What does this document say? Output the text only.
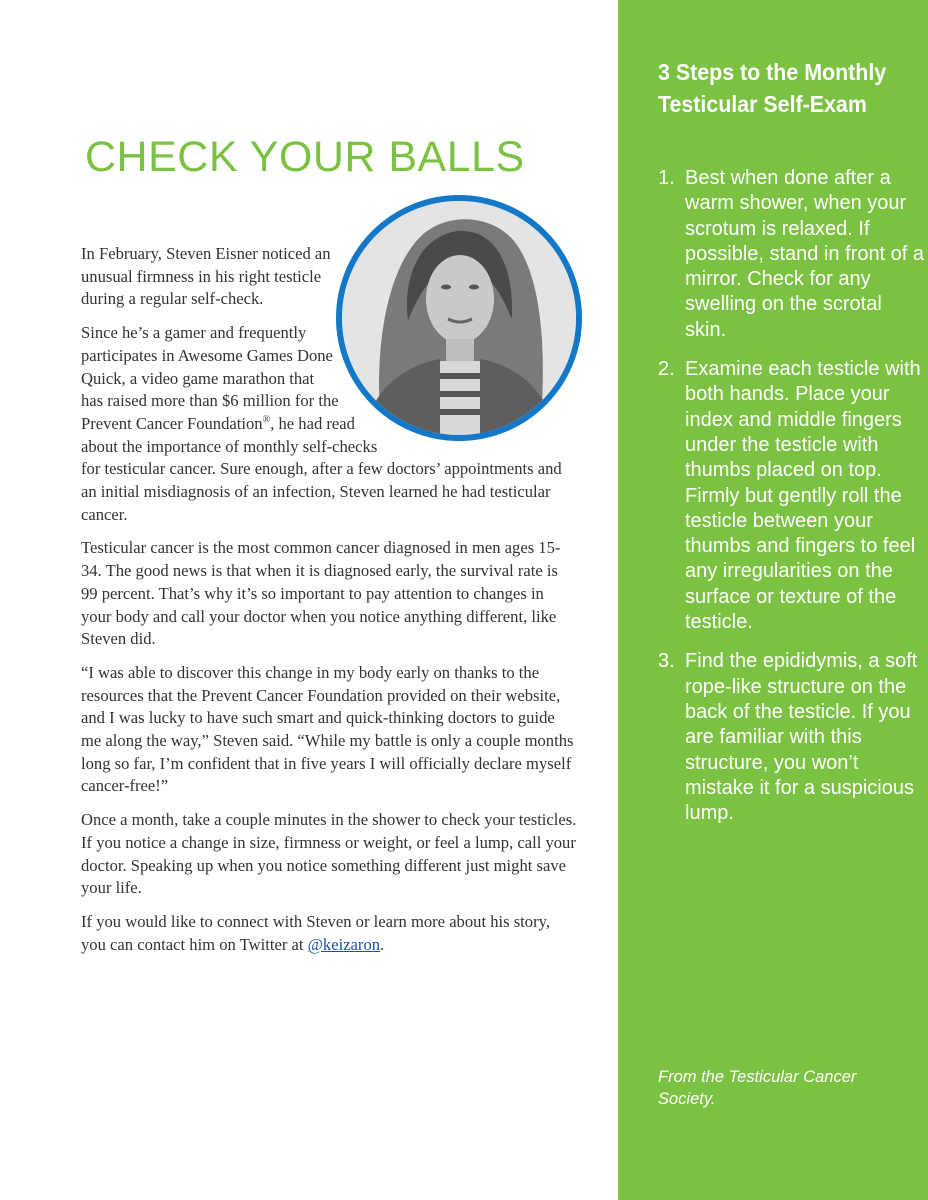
CHECK YOUR BALLS

In February, Steven Eisner noticed an unusual firmness in his right testicle during a regular self-check.

Since he’s a gamer and frequently participates in Awesome Games Done Quick, a video game marathon that has raised more than $6 million for the Prevent Cancer Foundation®, he had read about the importance of monthly self-checks for testicular cancer. Sure enough, after a few doctors’ appointments and an initial misdiagnosis of an infection, Steven learned he had testicular cancer.

Testicular cancer is the most common cancer diagnosed in men ages 15-34. The good news is that when it is diagnosed early, the survival rate is 99 percent. That’s why it’s so important to pay attention to changes in your body and call your doctor when you notice anything different, like Steven did.

“I was able to discover this change in my body early on thanks to the resources that the Prevent Cancer Foundation provided on their website, and I was lucky to have such smart and quick-thinking doctors to guide me along the way,” Steven said. “While my battle is only a couple months long so far, I’m confident that in five years I will officially declare myself cancer-free!”

Once a month, take a couple minutes in the shower to check your testicles. If you notice a change in size, firmness or weight, or feel a lump, call your doctor. Speaking up when you notice something different just might save your life.

If you would like to connect with Steven or learn more about his story, you can contact him on Twitter at @keizaron.

3 Steps to the Monthly Testicular Self-Exam
1. Best when done after a warm shower, when your scrotum is relaxed. If possible, stand in front of a mirror. Check for any swelling on the scrotal skin.
2. Examine each testicle with both hands. Place your index and middle fingers under the testicle with thumbs placed on top. Firmly but gentlly roll the testicle between your thumbs and fingers to feel any irregularities on the surface or texture of the testicle.
3. Find the epididymis, a soft rope-like structure on the back of the testicle. If you are familiar with this structure, you won’t mistake it for a suspicious lump.
From the Testicular Cancer Society.
